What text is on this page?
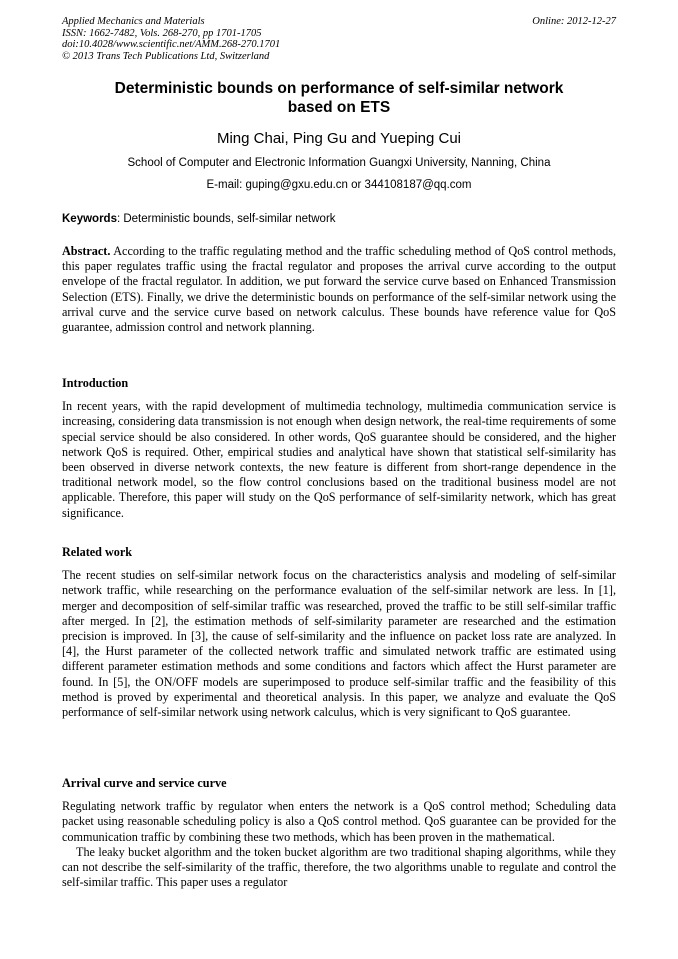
Applied Mechanics and Materials
ISSN: 1662-7482, Vols. 268-270, pp 1701-1705
doi:10.4028/www.scientific.net/AMM.268-270.1701
© 2013 Trans Tech Publications Ltd, Switzerland
Online: 2012-12-27
Deterministic bounds on performance of self-similar network
based on ETS
Ming Chai, Ping Gu and Yueping Cui
School of Computer and Electronic Information Guangxi University, Nanning, China
E-mail: guping@gxu.edu.cn or 344108187@qq.com
Keywords: Deterministic bounds, self-similar network

Abstract. According to the traffic regulating method and the traffic scheduling method of QoS control methods, this paper regulates traffic using the fractal regulator and proposes the arrival curve according to the output envelope of the fractal regulator. In addition, we put forward the service curve based on Enhanced Transmission Selection (ETS). Finally, we drive the deterministic bounds on performance of the self-similar network using the arrival curve and the service curve based on network calculus. These bounds have reference value for QoS guarantee, admission control and network planning.

Introduction

In recent years, with the rapid development of multimedia technology, multimedia communication service is increasing, considering data transmission is not enough when design network, the real-time requirements of some special service should be also considered. In other words, QoS guarantee should be considered, and the higher network QoS is required. Other, empirical studies and analytical have shown that statistical self-similarity has been observed in diverse network contexts, the new feature is different from short-range dependence in the traditional network model, so the flow control conclusions based on the traditional business model are not applicable. Therefore, this paper will study on the QoS performance of self-similarity network, which has great significance.

Related work

The recent studies on self-similar network focus on the characteristics analysis and modeling of self-similar network traffic, while researching on the performance evaluation of the self-similar network are less. In [1], merger and decomposition of self-similar traffic was researched, proved the traffic to be still self-similar traffic after merged. In [2], the estimation methods of self-similarity parameter are researched and the estimation precision is improved. In [3], the cause of self-similarity and the influence on packet loss rate are analyzed. In [4], the Hurst parameter of the collected network traffic and simulated network traffic are estimated using different parameter estimation methods and some conditions and factors which affect the Hurst parameter are found. In [5], the ON/OFF models are superimposed to produce self-similar traffic and the feasibility of this method is proved by experimental and theoretical analysis. In this paper, we analyze and evaluate the QoS performance of self-similar network using network calculus, which is very significant to QoS guarantee.

Arrival curve and service curve

Regulating network traffic by regulator when enters the network is a QoS control method; Scheduling data packet using reasonable scheduling policy is also a QoS control method. QoS guarantee can be provided for the communication traffic by combining these two methods, which has been proven in the mathematical.

The leaky bucket algorithm and the token bucket algorithm are two traditional shaping algorithms, while they can not describe the self-similarity of the traffic, therefore, the two algorithms unable to regulate and control the self-similar traffic. This paper uses a regulator
